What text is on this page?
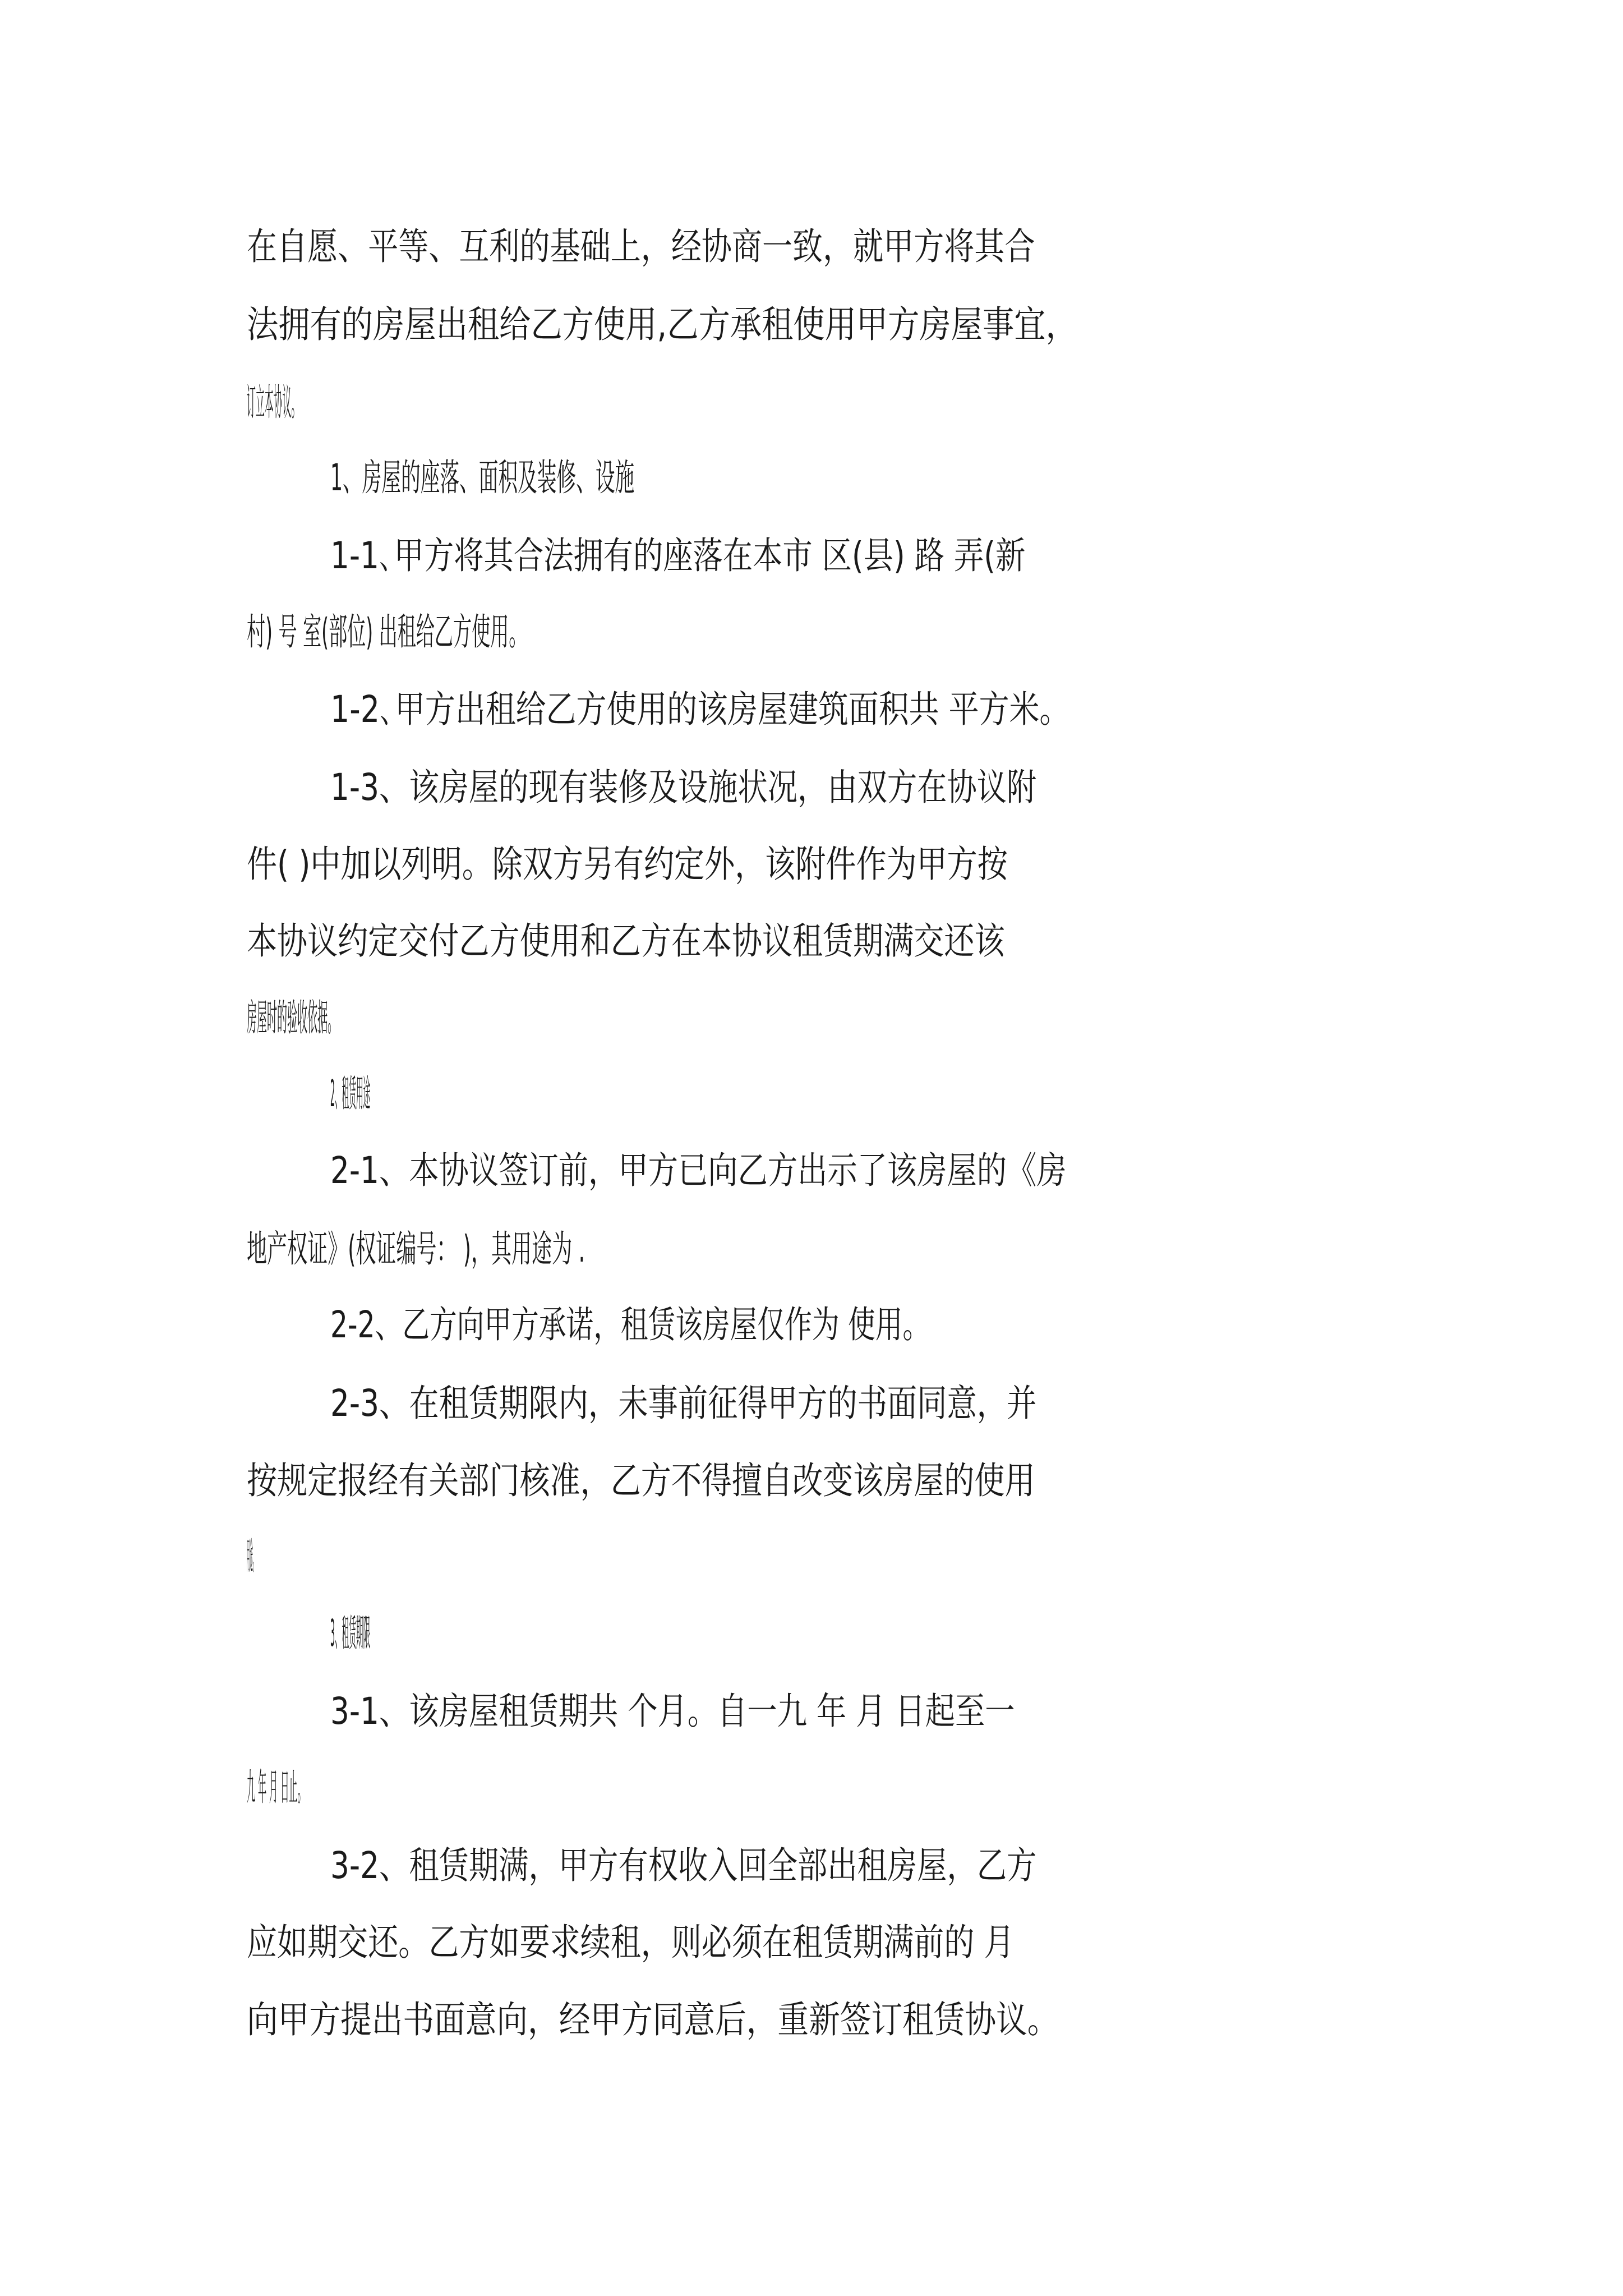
在自愿、平等、互利的基础上，经协商一致，就甲方将其合
法拥有的房屋出租给乙方使用,乙方承租使用甲方房屋事宜，
订立本协议。
1、房屋的座落、面积及装修、设施
1-1､甲方将其合法拥有的座落在本市 区(县) 路 弄(新
村) 号 室(部位) 出租给乙方使用。
1-2､甲方出租给乙方使用的该房屋建筑面积共 平方米。
1-3、该房屋的现有装修及设施状况，由双方在协议附
件( )中加以列明。除双方另有约定外，该附件作为甲方按
本协议约定交付乙方使用和乙方在本协议租赁期满交还该
房屋时的验收依据。
2、租赁用途
2-1、本协议签订前，甲方已向乙方出示了该房屋的《房
地产权证》(权证编号： )，其用途为 .
2-2、乙方向甲方承诺，租赁该房屋仅作为 使用。
2-3、在租赁期限内，未事前征得甲方的书面同意，并
按规定报经有关部门核准，乙方不得擅自改变该房屋的使用
用途。
3、租赁期限
3-1、该房屋租赁期共 个月。自一九 年 月 日起至一
九 年 月 日止。
3-2、租赁期满，甲方有权收入回全部出租房屋，乙方
应如期交还。乙方如要求续租，则必须在租赁期满前的 月
向甲方提出书面意向，经甲方同意后，重新签订租赁协议。
